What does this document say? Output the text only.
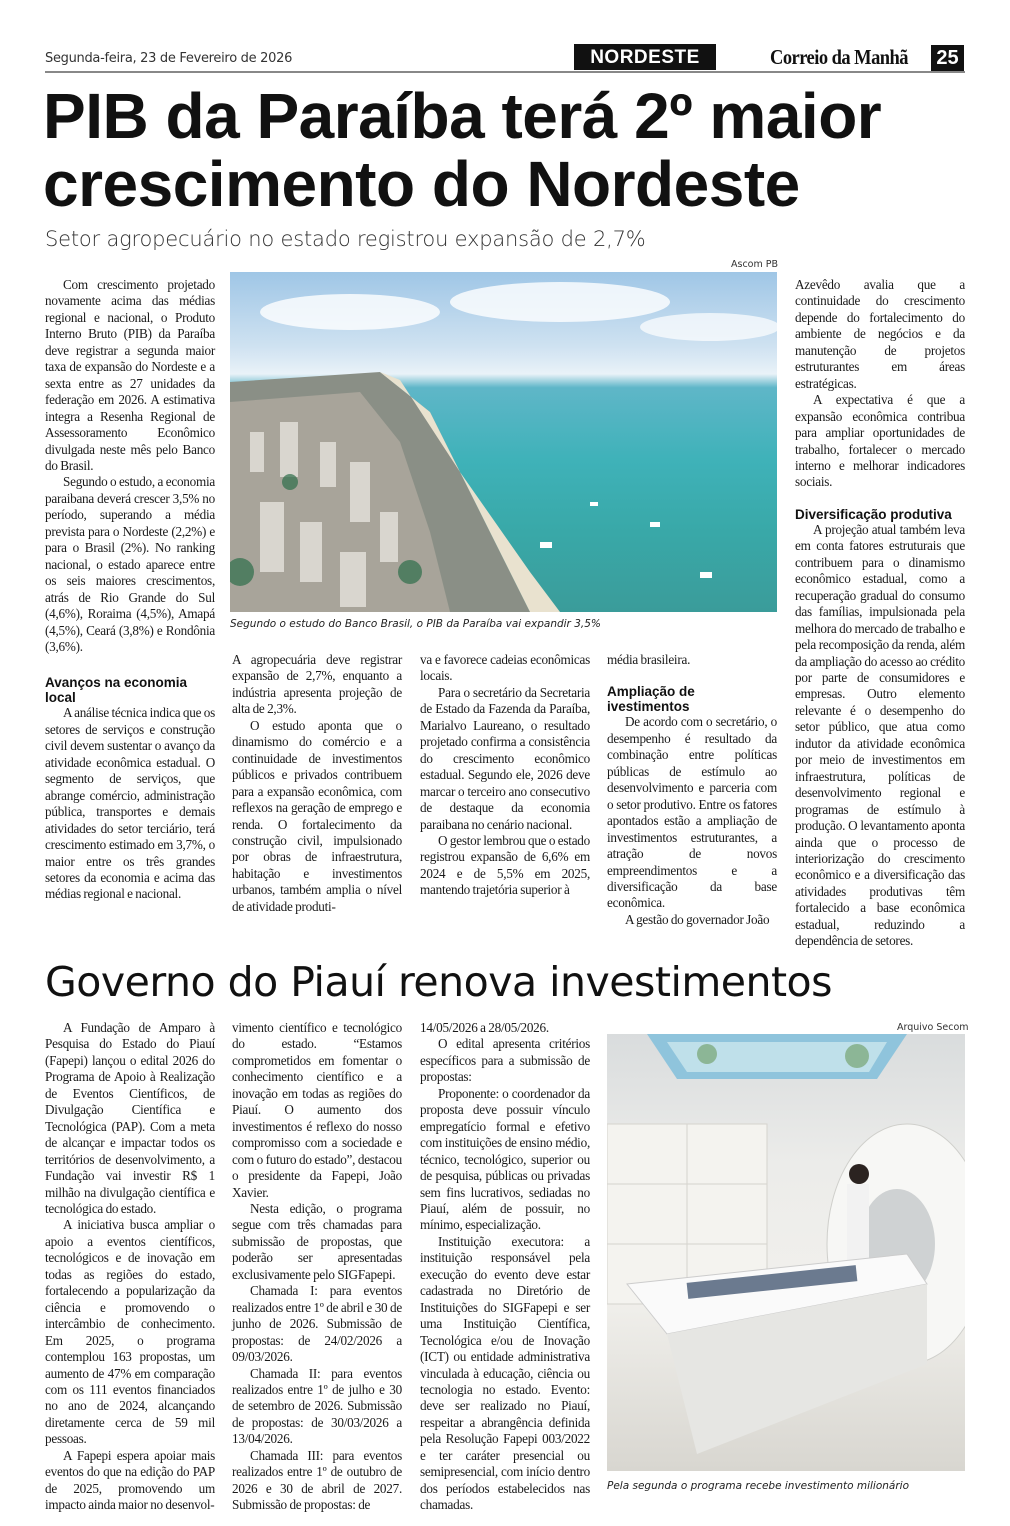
Segunda-feira, 23 de Fevereiro de 2026	NORDESTE	Correio da Manhã 25
PIB da Paraíba terá 2º maior crescimento do Nordeste
Setor agropecuário no estado registrou expansão de 2,7%

Com crescimento projetado novamente acima das médias regional e nacional, o Produto Interno Bruto (PIB) da Paraíba deve registrar a segunda maior taxa de expansão do Nordeste e a sexta entre as 27 unidades da federação em 2026. A estimativa integra a Resenha Regional de Assessoramento Econômico divulgada neste mês pelo Banco do Brasil.

Segundo o estudo, a economia paraibana deverá crescer 3,5% no período, superando a média prevista para o Nordeste (2,2%) e para o Brasil (2%). No ranking nacional, o estado aparece entre os seis maiores crescimentos, atrás de Rio Grande do Sul (4,6%), Roraima (4,5%), Amapá (4,5%), Ceará (3,8%) e Rondônia (3,6%).

Avanços na economia local

A análise técnica indica que os setores de serviços e construção civil devem sustentar o avanço da atividade econômica estadual. O segmento de serviços, que abrange comércio, administração pública, transportes e demais atividades do setor terciário, terá crescimento estimado em 3,7%, o maior entre os três grandes setores da economia e acima das médias regional e nacional.

Ascom PB
Segundo o estudo do Banco Brasil, o PIB da Paraíba vai expandir 3,5%

A agropecuária deve registrar expansão de 2,7%, enquanto a indústria apresenta projeção de alta de 2,3%.

O estudo aponta que o dinamismo do comércio e a continuidade de investimentos públicos e privados contribuem para a expansão econômica, com reflexos na geração de emprego e renda. O fortalecimento da construção civil, impulsionado por obras de infraestrutura, habitação e investimentos urbanos, também amplia o nível de atividade produti-

va e favorece cadeias econômicas locais.

Para o secretário da Secretaria de Estado da Fazenda da Paraíba, Marialvo Laureano, o resultado projetado confirma a consistência do crescimento econômico estadual. Segundo ele, 2026 deve marcar o terceiro ano consecutivo de destaque da economia paraibana no cenário nacional.

O gestor lembrou que o estado registrou expansão de 6,6% em 2024 e de 5,5% em 2025, mantendo trajetória superior à

média brasileira.

Ampliação de ivestimentos

De acordo com o secretário, o desempenho é resultado da combinação entre políticas públicas de estímulo ao desenvolvimento e parceria com o setor produtivo. Entre os fatores apontados estão a ampliação de investimentos estruturantes, a atração de novos empreendimentos e a diversificação da base econômica.

A gestão do governador João

Azevêdo avalia que a continuidade do crescimento depende do fortalecimento do ambiente de negócios e da manutenção de projetos estruturantes em áreas estratégicas.

A expectativa é que a expansão econômica contribua para ampliar oportunidades de trabalho, fortalecer o mercado interno e melhorar indicadores sociais.

Diversificação produtiva

A projeção atual também leva em conta fatores estruturais que contribuem para o dinamismo econômico estadual, como a recuperação gradual do consumo das famílias, impulsionada pela melhora do mercado de trabalho e pela recomposição da renda, além da ampliação do acesso ao crédito por parte de consumidores e empresas. Outro elemento relevante é o desempenho do setor público, que atua como indutor da atividade econômica por meio de investimentos em infraestrutura, políticas de desenvolvimento regional e programas de estímulo à produção. O levantamento aponta ainda que o processo de interiorização do crescimento econômico e a diversificação das atividades produtivas têm fortalecido a base econômica estadual, reduzindo a dependência de setores.

Governo do Piauí renova investimentos

A Fundação de Amparo à Pesquisa do Estado do Piauí (Fapepi) lançou o edital 2026 do Programa de Apoio à Realização de Eventos Científicos, de Divulgação Científica e Tecnológica (PAP). Com a meta de alcançar e impactar todos os territórios de desenvolvimento, a Fundação vai investir R$ 1 milhão na divulgação científica e tecnológica do estado.

A iniciativa busca ampliar o apoio a eventos científicos, tecnológicos e de inovação em todas as regiões do estado, fortalecendo a popularização da ciência e promovendo o intercâmbio de conhecimento. Em 2025, o programa contemplou 163 propostas, um aumento de 47% em comparação com os 111 eventos financiados no ano de 2024, alcançando diretamente cerca de 59 mil pessoas.

A Fapepi espera apoiar mais eventos do que na edição do PAP de 2025, promovendo um impacto ainda maior no desenvol-

vimento científico e tecnológico do estado. “Estamos comprometidos em fomentar o conhecimento científico e a inovação em todas as regiões do Piauí. O aumento dos investimentos é reflexo do nosso compromisso com a sociedade e com o futuro do estado”, destacou o presidente da Fapepi, João Xavier.

Nesta edição, o programa segue com três chamadas para submissão de propostas, que poderão ser apresentadas exclusivamente pelo SIGFapepi.

Chamada I: para eventos realizados entre 1º de abril e 30 de junho de 2026. Submissão de propostas: de 24/02/2026 a 09/03/2026.

Chamada II: para eventos realizados entre 1º de julho e 30 de setembro de 2026. Submissão de propostas: de 30/03/2026 a 13/04/2026.

Chamada III: para eventos realizados entre 1º de outubro de 2026 e 30 de abril de 2027. Submissão de propostas: de

14/05/2026 a 28/05/2026.

O edital apresenta critérios específicos para a submissão de propostas:

Proponente: o coordenador da proposta deve possuir vínculo empregatício formal e efetivo com instituições de ensino médio, técnico, tecnológico, superior ou de pesquisa, públicas ou privadas sem fins lucrativos, sediadas no Piauí, além de possuir, no mínimo, especialização.

Instituição executora: a instituição responsável pela execução do evento deve estar cadastrada no Diretório de Instituições do SIGFapepi e ser uma Instituição Científica, Tecnológica e/ou de Inovação (ICT) ou entidade administrativa vinculada à educação, ciência ou tecnologia no estado. Evento: deve ser realizado no Piauí, respeitar a abrangência definida pela Resolução Fapepi 003/2022 e ter caráter presencial ou semipresencial, com início dentro dos períodos estabelecidos nas chamadas.

Arquivo Secom
Pela segunda o programa recebe investimento milionário
